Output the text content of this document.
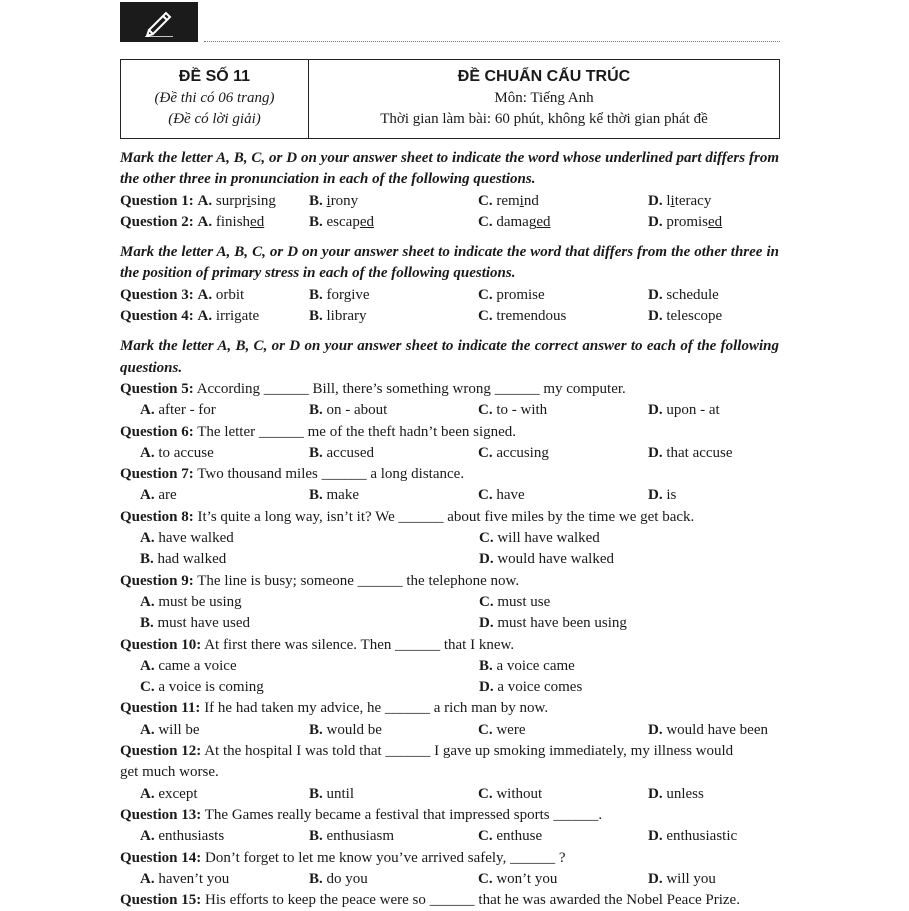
ĐỀ SỐ 11
(Đề thi có 06 trang)
(Đề có lời giải)
ĐỀ CHUẨN CẤU TRÚC
Môn: Tiếng Anh
Thời gian làm bài: 60 phút, không kể thời gian phát đề
Mark the letter A, B, C, or D on your answer sheet to indicate the word whose underlined part differs from the other three in pronunciation in each of the following questions.
Question 1: A. surprising	B. irony	C. remind	D. literacy
Question 2: A. finished	B. escaped	C. damaged	D. promised
Mark the letter A, B, C, or D on your answer sheet to indicate the word that differs from the other three in the position of primary stress in each of the following questions.
Question 3: A. orbit	B. forgive	C. promise	D. schedule
Question 4: A. irrigate	B. library	C. tremendous	D. telescope
Mark the letter A, B, C, or D on your answer sheet to indicate the correct answer to each of the following questions.
Question 5: According ______ Bill, there’s something wrong ______ my computer.
A. after - for	B. on - about	C. to - with	D. upon - at
Question 6: The letter ______ me of the theft hadn’t been signed.
A. to accuse	B. accused	C. accusing	D. that accuse
Question 7: Two thousand miles ______ a long distance.
A. are	B. make	C. have	D. is
Question 8: It’s quite a long way, isn’t it? We ______ about five miles by the time we get back.
A. have walked	C. will have walked
B. had walked	D. would have walked
Question 9: The line is busy; someone ______ the telephone now.
A. must be using	C. must use
B. must have used	D. must have been using
Question 10: At first there was silence. Then ______ that I knew.
A. came a voice	B. a voice came
C. a voice is coming	D. a voice comes
Question 11: If he had taken my advice, he ______ a rich man by now.
A. will be	B. would be	C. were	D. would have been
Question 12: At the hospital I was told that ______ I gave up smoking immediately, my illness would
get much worse.
A. except	B. until	C. without	D. unless
Question 13: The Games really became a festival that impressed sports ______.
A. enthusiasts	B. enthusiasm	C. enthuse	D. enthusiastic
Question 14: Don’t forget to let me know you’ve arrived safely, ______ ?
A. haven’t you	B. do you	C. won’t you	D. will you
Question 15: His efforts to keep the peace were so ______ that he was awarded the Nobel Peace Prize.
